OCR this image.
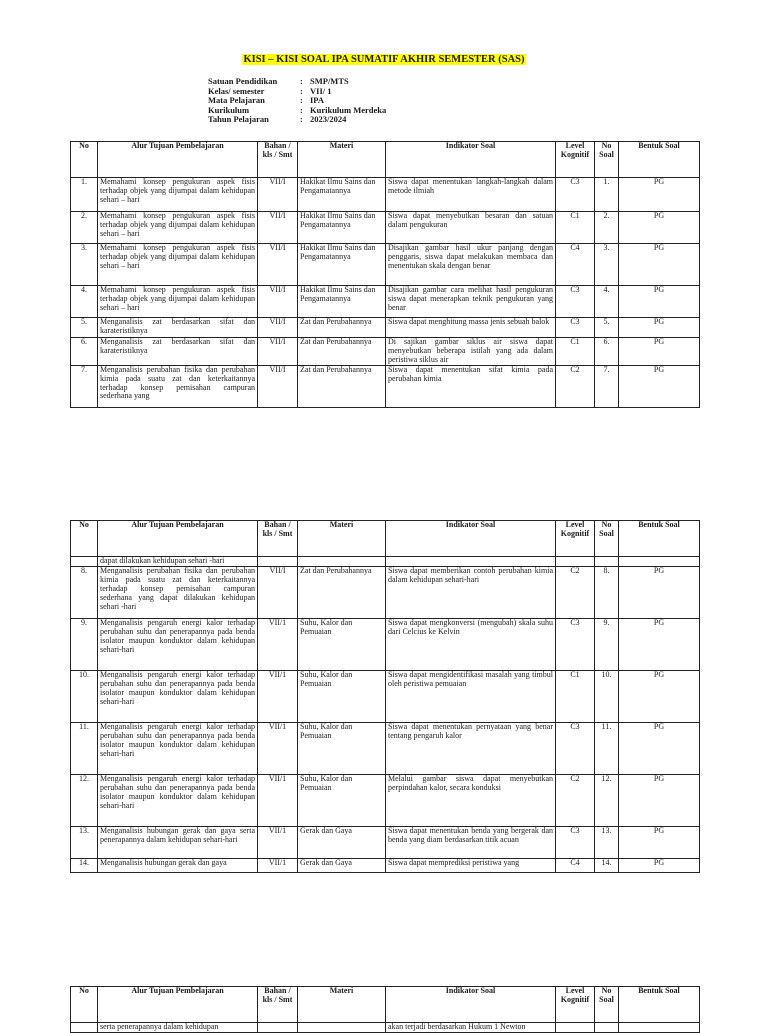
KISI – KISI SOAL IPA SUMATIF AKHIR SEMESTER (SAS)
Satuan Pendidikan	: SMP/MTS
Kelas/ semester	: VII/ 1
Mata Pelajaran	: IPA
Kurikulum	: Kurikulum Merdeka
Tahun Pelajaran	: 2023/2024
No	Alur Tujuan Pembelajaran	Bahan / kls / Smt	Materi	Indikator Soal	Level Kognitif	No Soal	Bentuk Soal
1.	Memahami konsep pengukuran aspek fisis terhadap objek yang dijumpai dalam kehidupan sehari – hari	VII/I	Hakikat Ilmu Sains dan Pengamatannya	Siswa dapat menentukan langkah-langkah dalam metode ilmiah	C3	1.	PG
2.	Memahami konsep pengukuran aspek fisis terhadap objek yang dijumpai dalam kehidupan sehari – hari	VII/I	Hakikat Ilmu Sains dan Pengamatannya	Siswa dapat menyebutkan besaran dan satuan dalam pengukuran	C1	2.	PG
3.	Memahami konsep pengukuran aspek fisis terhadap objek yang dijumpai dalam kehidupan sehari – hari	VII/I	Hakikat Ilmu Sains dan Pengamatannya	Disajikan gambar hasil ukur panjang dengan penggaris, siswa dapat melakukan membaca dan menentukan skala dengan benar	C4	3.	PG
4.	Memahami konsep pengukuran aspek fisis terhadap objek yang dijumpai dalam kehidupan sehari – hari	VII/I	Hakikat Ilmu Sains dan Pengamatannya	Disajikan gambar cara melihat hasil pengukuran siswa dapat menerapkan teknik pengukuran yang benar	C3	4.	PG
5.	Menganalisis zat berdasarkan sifat dan karateristiknya	VII/I	Zat dan Perubahannya	Siswa dapat menghitung massa jenis sebuah balok	C3	5.	PG
6.	Menganalisis zat berdasarkan sifat dan karateristiknya	VII/I	Zat dan Perubahannya	Di sajikan gambar siklus air siswa dapat menyebutkan beberapa istilah yang ada dalam peristiwa siklus air	C1	6.	PG
7.	Menganalisis perubahan fisika dan perubahan kimia pada suatu zat dan keterkaitannya terhadap konsep pemisahan campuran sederhana yang	VII/I	Zat dan Perubahannya	Siswa dapat menentukan sifat kimia pada perubahan kimia	C2	7.	PG
No	Alur Tujuan Pembelajaran	Bahan / kls / Smt	Materi	Indikator Soal	Level Kognitif	No Soal	Bentuk Soal
	dapat dilakukan kehidupan sehari -hari						
8.	Menganalisis perubahan fisika dan perubahan kimia pada suatu zat dan keterkaitannya terhadap konsep pemisahan campuran sederhana yang dapat dilakukan kehidupan sehari -hari	VII/I	Zat dan Perubahannya	Siswa dapat memberikan contoh perubahan kimia dalam kehidupan sehari-hari	C2	8.	PG
9.	Menganalisis pengaruh energi kalor terhadap perubahan suhu dan penerapannya pada benda isolator maupun konduktor dalam kehidupan sehari-hari	VII/1	Suhu, Kalor dan Pemuaian	Siswa dapat mengkonversi (mengubah) skala suhu dari Celcius ke Kelvin	C3	9.	PG
10.	Menganalisis pengaruh energi kalor terhadap perubahan suhu dan penerapannya pada benda isolator maupun konduktor dalam kehidupan sehari-hari	VII/1	Suhu, Kalor dan Pemuaian	Siswa dapat mengidentifikasi masalah yang timbul oleh peristiwa pemuaian	C1	10.	PG
11.	Menganalisis pengaruh energi kalor terhadap perubahan suhu dan penerapannya pada benda isolator maupun konduktor dalam kehidupan sehari-hari	VII/1	Suhu, Kalor dan Pemuaian	Siswa dapat menentukan pernyataan yang benar tentang pengaruh kalor	C3	11.	PG
12.	Menganalisis pengaruh energi kalor terhadap perubahan suhu dan penerapannya pada benda isolator maupun konduktor dalam kehidupan sehari-hari	VII/1	Suhu, Kalor dan Pemuaian	Melalui gambar siswa dapat menyebutkan perpindahan kalor, secara konduksi	C2	12.	PG
13.	Menganalisis hubungan gerak dan gaya serta penerapannya dalam kehidupan sehari-hari	VII/1	Gerak dan Gaya	Siswa dapat menentukan benda yang bergerak dan benda yang diam berdasarkan titik acuan	C3	13.	PG
14.	Menganalisis hubungan gerak dan gaya	VII/1	Gerak dan Gaya	Siswa dapat memprediksi peristiwa yang	C4	14.	PG
No	Alur Tujuan Pembelajaran	Bahan / kls / Smt	Materi	Indikator Soal	Level Kognitif	No Soal	Bentuk Soal
	serta penerapannya dalam kehidupan			akan terjadi berdasarkan Hukum 1 Newton			
